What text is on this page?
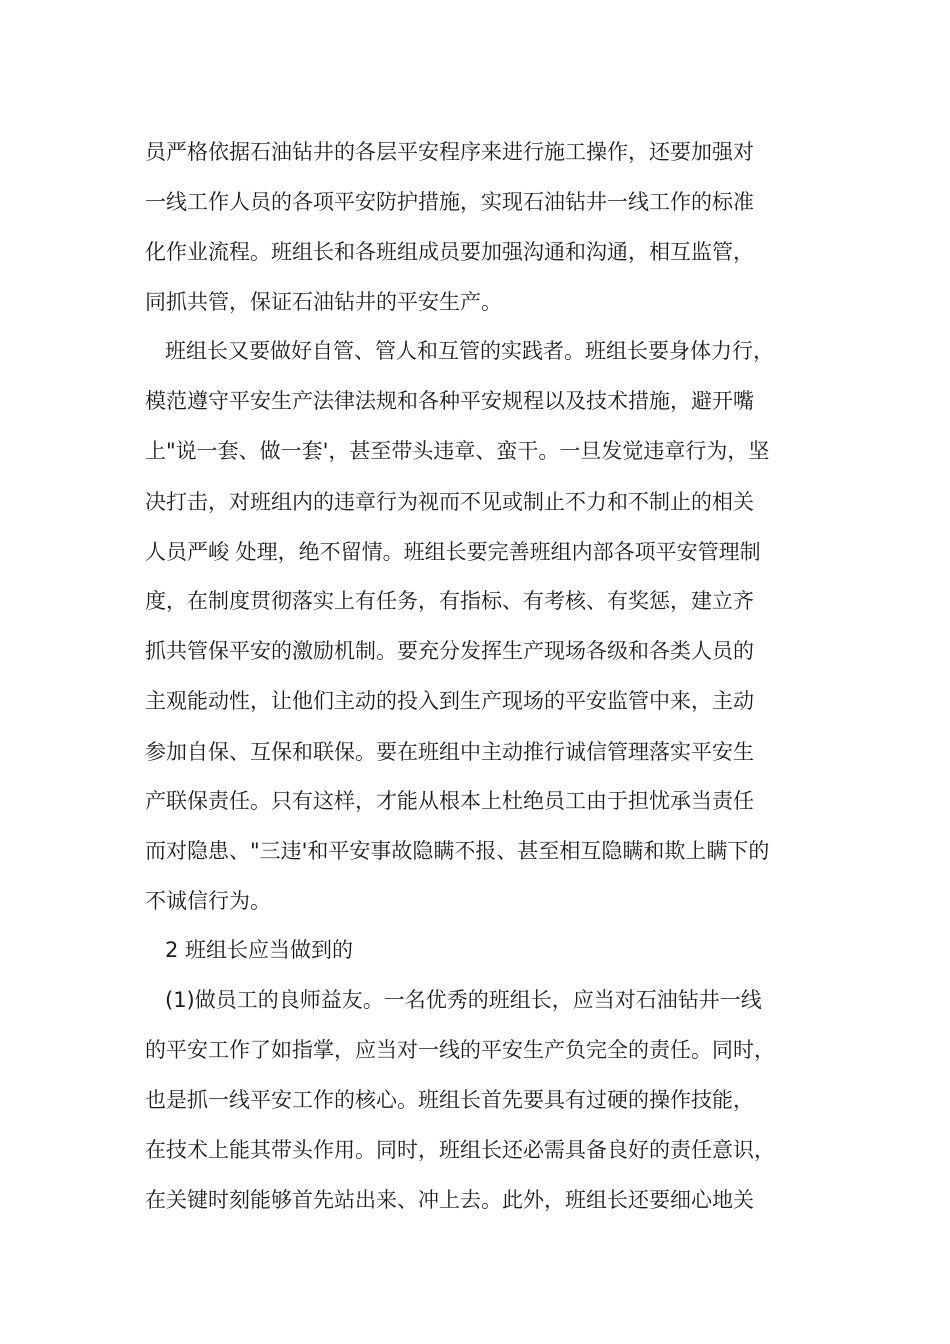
员严格依据石油钻井的各层平安程序来进行施工操作，还要加强对
一线工作人员的各项平安防护措施，实现石油钻井一线工作的标准
化作业流程。班组长和各班组成员要加强沟通和沟通，相互监管，
同抓共管，保证石油钻井的平安生产。
班组长又要做好自管、管人和互管的实践者。班组长要身体力行，
模范遵守平安生产法律法规和各种平安规程以及技术措施，避开嘴
上"说一套、做一套'，甚至带头违章、蛮干。一旦发觉违章行为，坚
决打击，对班组内的违章行为视而不见或制止不力和不制止的相关
人员严峻 处理，绝不留情。班组长要完善班组内部各项平安管理制
度，在制度贯彻落实上有任务，有指标、有考核、有奖惩，建立齐
抓共管保平安的激励机制。要充分发挥生产现场各级和各类人员的
主观能动性，让他们主动的投入到生产现场的平安监管中来，主动
参加自保、互保和联保。要在班组中主动推行诚信管理落实平安生
产联保责任。只有这样，才能从根本上杜绝员工由于担忧承当责任
而对隐患、"三违'和平安事故隐瞒不报、甚至相互隐瞒和欺上瞒下的
不诚信行为。
2 班组长应当做到的
(1)做员工的良师益友。一名优秀的班组长，应当对石油钻井一线
的平安工作了如指掌，应当对一线的平安生产负完全的责任。同时，
也是抓一线平安工作的核心。班组长首先要具有过硬的操作技能，
在技术上能其带头作用。同时，班组长还必需具备良好的责任意识，
在关键时刻能够首先站出来、冲上去。此外，班组长还要细心地关
